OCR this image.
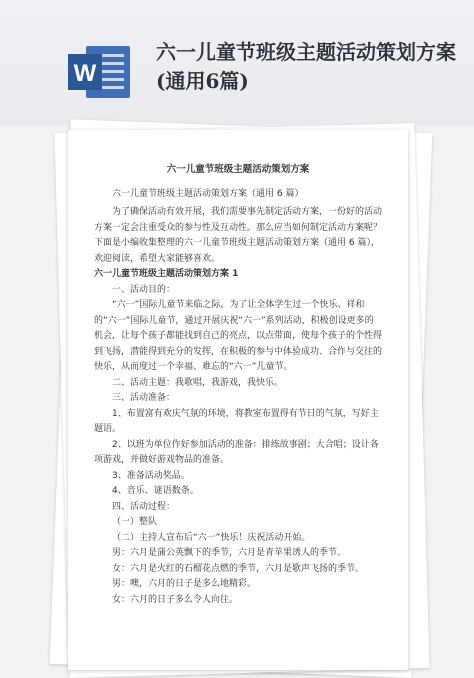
W
六一儿童节班级主题活动策划方案(通用6篇)
六一儿童节班级主题活动策划方案

六一儿童节班级主题活动策划方案（通用 6 篇）

为了确保活动有效开展，我们需要事先制定活动方案，一份好的活动方案一定会注重受众的参与性及互动性。那么应当如何制定活动方案呢？下面是小编收集整理的六一儿童节班级主题活动策划方案（通用 6 篇），欢迎阅读，希望大家能够喜欢。

六一儿童节班级主题活动策划方案 1

一、活动目的：

“六一”国际儿童节来临之际，为了让全体学生过一个快乐、祥和的“六一”国际儿童节，通过开展庆祝“六一”系列活动，积极创设更多的机会，让每个孩子都能找到自己的亮点，以点带面，使每个孩子的个性得到飞扬，潜能得到充分的发挥，在积极的参与中体验成功、合作与交往的快乐，从而度过一个幸福、难忘的“六一”儿童节。

二、活动主题：我歌唱，我游戏，我快乐。

三、活动准备：

1、布置富有欢庆气氛的环境，将教室布置得有节日的气氛，写好主题语。

2、以班为单位作好参加活动的准备：排练故事剧；大合唱；设计各项游戏，并做好游戏物品的准备。

3、准备活动奖品。

4、音乐、谜语数条。

四、活动过程：

（一）整队

（二）主持人宣布后“六一”快乐！庆祝活动开始。

男：六月是蒲公英飘下的季节，六月是青苹果诱人的季节。

女：六月是火红的石榴花点燃的季节，六月是歌声飞扬的季节。

男：噢，六月的日子是多么地精彩。

女：六月的日子多么令人向往。
